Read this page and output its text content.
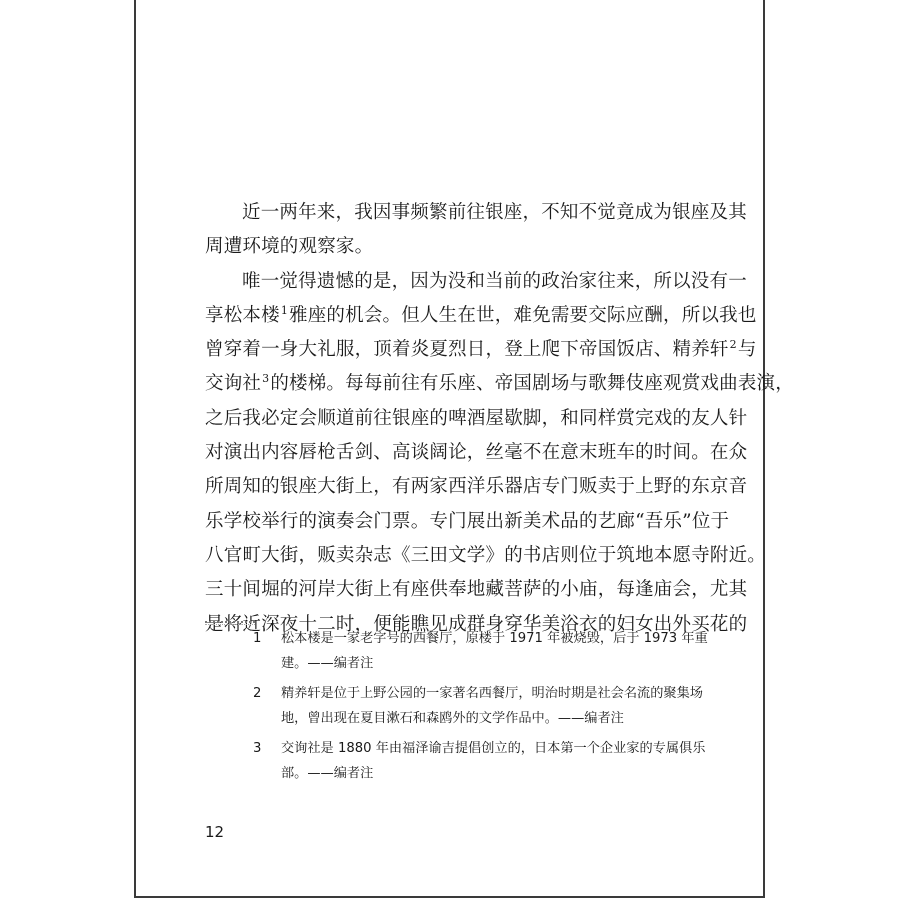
近一两年来，我因事频繁前往银座，不知不觉竟成为银座及其
周遭环境的观察家。
唯一觉得遗憾的是，因为没和当前的政治家往来，所以没有一
享松本楼$^1$雅座的机会。但人生在世，难免需要交际应酬，所以我也
曾穿着一身大礼服，顶着炎夏烈日，登上爬下帝国饭店、精养轩$^2$与
交询社$^3$的楼梯。每每前往有乐座、帝国剧场与歌舞伎座观赏戏曲表演，
之后我必定会顺道前往银座的啤酒屋歇脚，和同样赏完戏的友人针
对演出内容唇枪舌剑、高谈阔论，丝毫不在意末班车的时间。在众
所周知的银座大街上，有两家西洋乐器店专门贩卖于上野的东京音
乐学校举行的演奏会门票。专门展出新美术品的艺廊“吾乐”位于
八官町大街，贩卖杂志《三田文学》的书店则位于筑地本愿寺附近。
三十间堀的河岸大街上有座供奉地藏菩萨的小庙，每逢庙会，尤其
是将近深夜十二时，便能瞧见成群身穿华美浴衣的妇女出外买花的
1 松本楼是一家老字号的西餐厅，原楼于 1971 年被烧毁，后于 1973 年重
建。——编者注
2 精养轩是位于上野公园的一家著名西餐厅，明治时期是社会名流的聚集场
地，曾出现在夏目漱石和森鸥外的文学作品中。——编者注
3 交询社是 1880 年由福泽谕吉提倡创立的，日本第一个企业家的专属俱乐
部。——编者注
12
